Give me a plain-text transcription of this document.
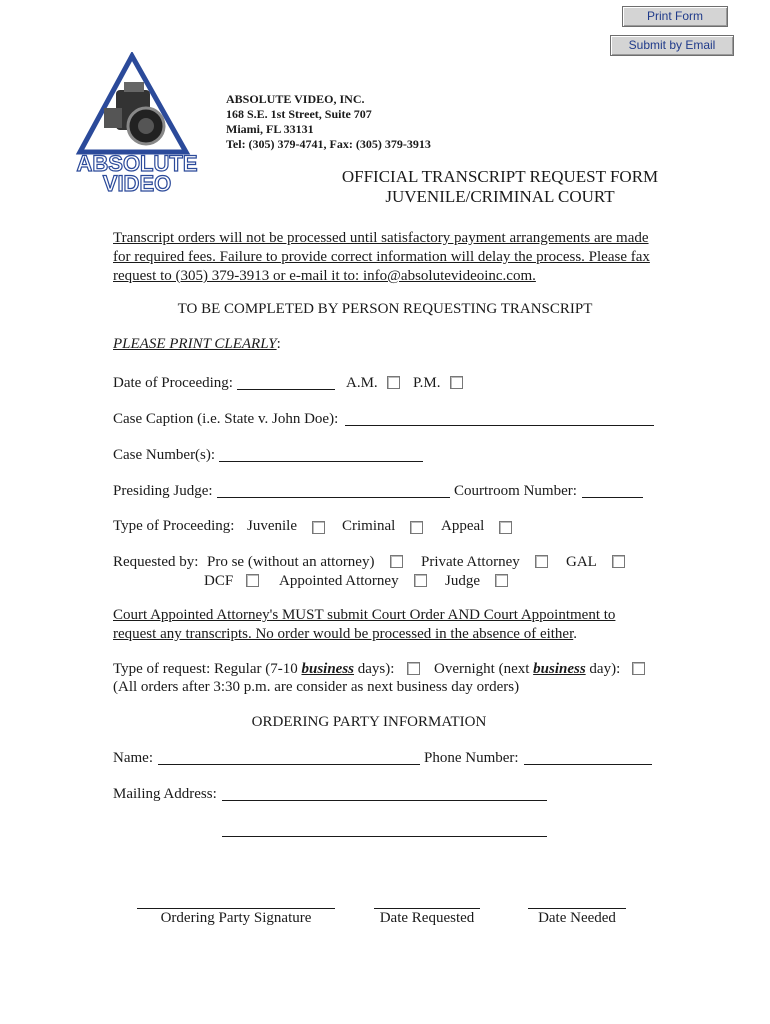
Print Form
Submit by Email
ABSOLUTE
VIDEO
ABSOLUTE VIDEO, INC.
168 S.E. 1st Street, Suite 707
Miami, FL 33131
Tel: (305) 379-4741, Fax: (305) 379-3913
OFFICIAL TRANSCRIPT REQUEST FORM
JUVENILE/CRIMINAL COURT
Transcript orders will not be processed until satisfactory payment arrangements are made
for required fees. Failure to provide correct information will delay the process. Please fax
request to (305) 379-3913 or e-mail it to: info@absolutevideoinc.com.
TO BE COMPLETED BY PERSON REQUESTING TRANSCRIPT
PLEASE PRINT CLEARLY:
Date of Proceeding:	A.M. P.M.
Case Caption (i.e. State v. John Doe):
Case Number(s):
Presiding Judge:	Courtroom Number:
Type of Proceeding: Juvenile	Criminal	Appeal
Requested by: Pro se (without an attorney)	Private Attorney	GAL
DCF	Appointed Attorney	Judge
Court Appointed Attorney's MUST submit Court Order AND Court Appointment to
request any transcripts. No order would be processed in the absence of either.
Type of request: Regular (7-10 business days):	Overnight (next business day):
(All orders after 3:30 p.m. are consider as next business day orders)
ORDERING PARTY INFORMATION
Name:	Phone Number:
Mailing Address:
Ordering Party Signature	Date Requested	Date Needed
